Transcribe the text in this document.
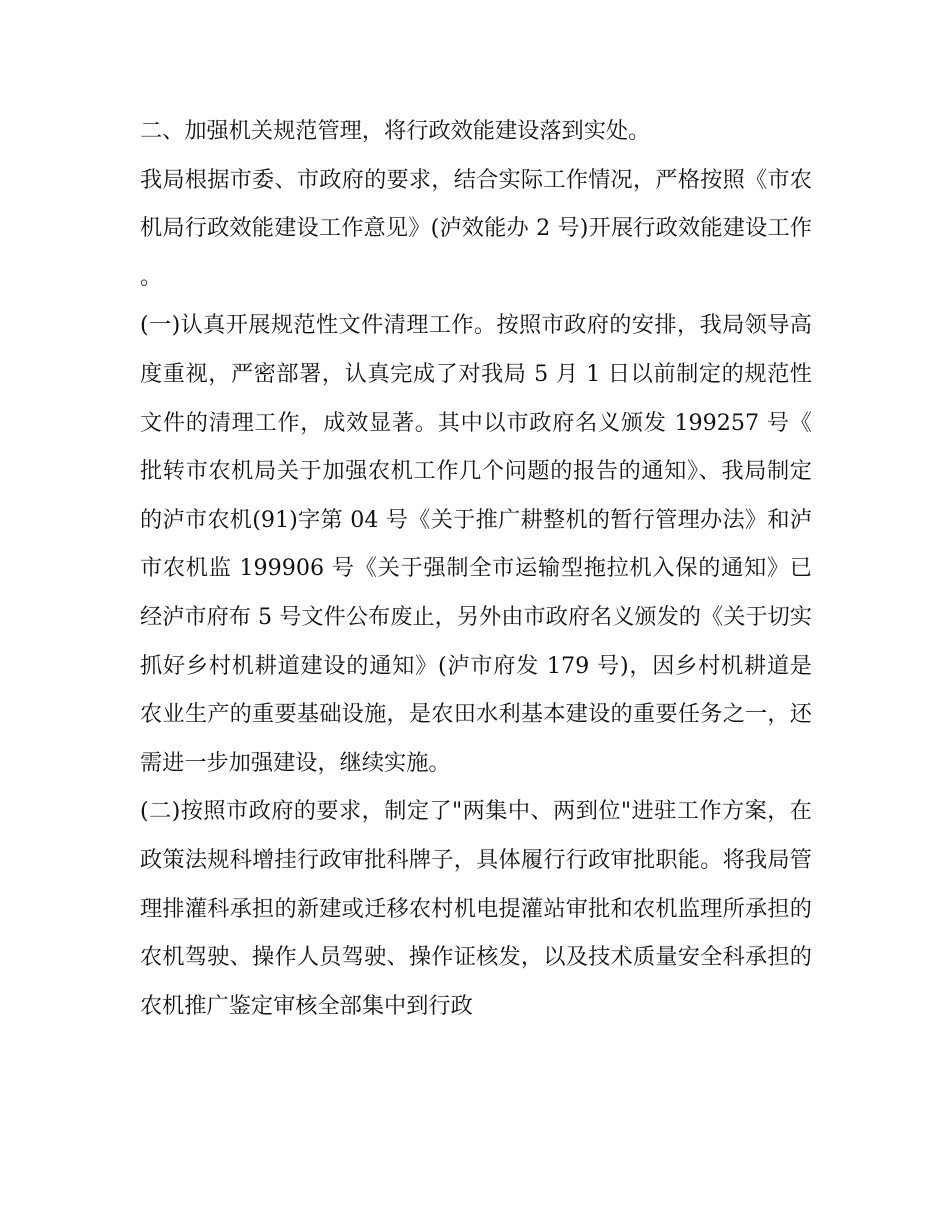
二、加强机关规范管理，将行政效能建设落到实处。

我局根据市委、市政府的要求，结合实际工作情况，严格按照《市农机局行政效能建设工作意见》(泸效能办 2 号)开展行政效能建设工作。

(一)认真开展规范性文件清理工作。按照市政府的安排，我局领导高度重视，严密部署，认真完成了对我局 5 月 1 日以前制定的规范性文件的清理工作，成效显著。其中以市政府名义颁发 199257 号《批转市农机局关于加强农机工作几个问题的报告的通知》、我局制定的泸市农机(91)字第 04 号《关于推广耕整机的暂行管理办法》和泸市农机监 199906 号《关于强制全市运输型拖拉机入保的通知》已经泸市府布 5 号文件公布废止，另外由市政府名义颁发的《关于切实抓好乡村机耕道建设的通知》(泸市府发 179 号)，因乡村机耕道是农业生产的重要基础设施，是农田水利基本建设的重要任务之一，还需进一步加强建设，继续实施。

(二)按照市政府的要求，制定了"两集中、两到位"进驻工作方案，在政策法规科增挂行政审批科牌子，具体履行行政审批职能。将我局管理排灌科承担的新建或迁移农村机电提灌站审批和农机监理所承担的农机驾驶、操作人员驾驶、操作证核发，以及技术质量安全科承担的农机推广鉴定审核全部集中到行政
